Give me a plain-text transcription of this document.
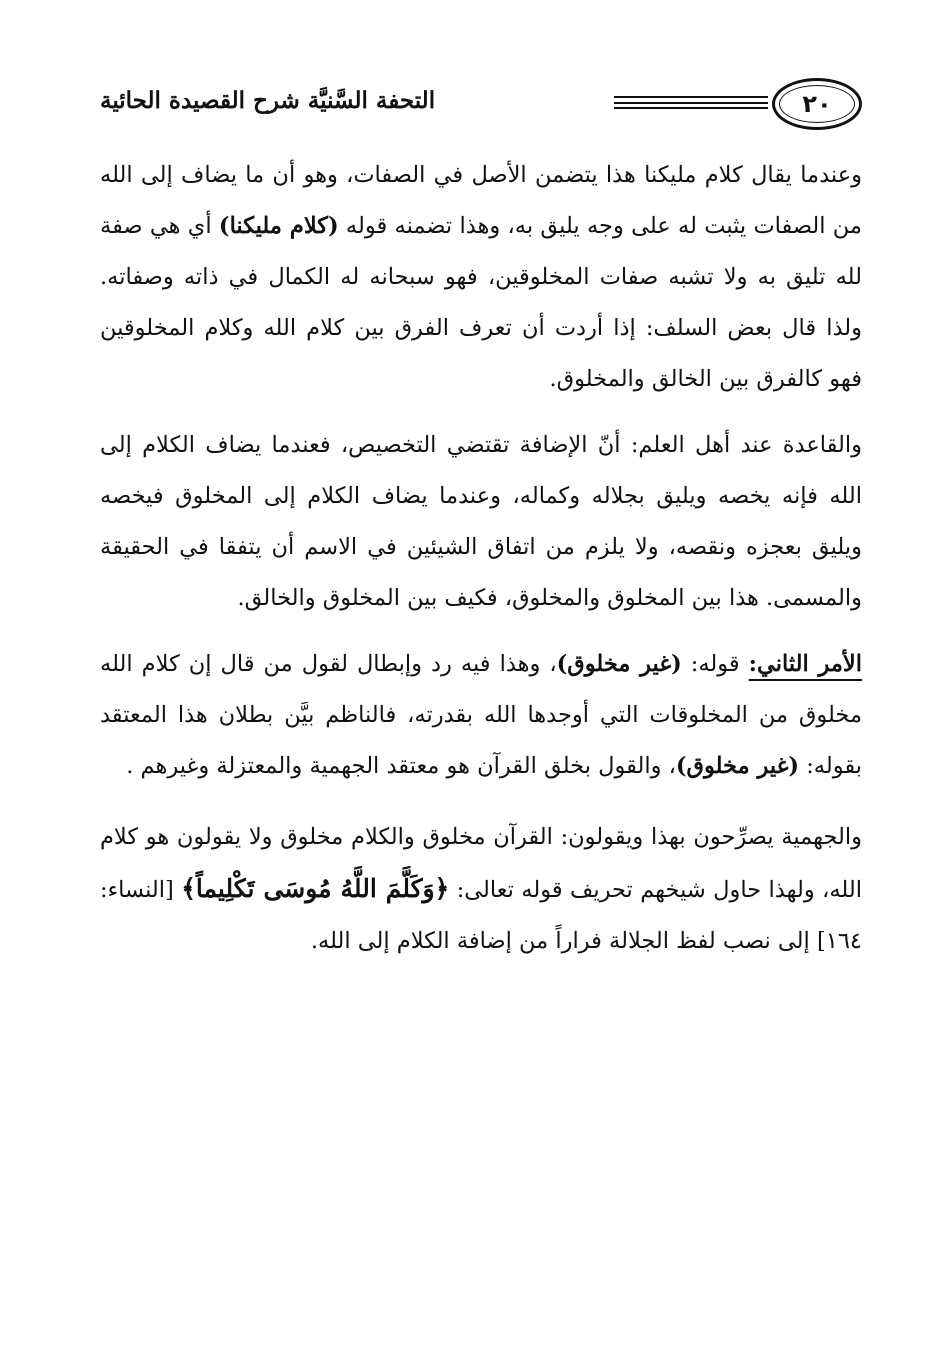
٢٠
التحفة السَّنيَّة شرح القصيدة الحائية

وعندما يقال كلام مليكنا هذا يتضمن الأصل في الصفات، وهو أن ما يضاف إلى الله من الصفات يثبت له على وجه يليق به، وهذا تضمنه قوله (كلام مليكنا) أي هي صفة لله تليق به ولا تشبه صفات المخلوقين، فهو سبحانه له الكمال في ذاته وصفاته. ولذا قال بعض السلف: إذا أردت أن تعرف الفرق بين كلام الله وكلام المخلوقين فهو كالفرق بين الخالق والمخلوق.

والقاعدة عند أهل العلم: أنّ الإضافة تقتضي التخصيص، فعندما يضاف الكلام إلى الله فإنه يخصه ويليق بجلاله وكماله، وعندما يضاف الكلام إلى المخلوق فيخصه ويليق بعجزه ونقصه، ولا يلزم من اتفاق الشيئين في الاسم أن يتفقا في الحقيقة والمسمى. هذا بين المخلوق والمخلوق، فكيف بين المخلوق والخالق.

الأمر الثاني: قوله: (غير مخلوق)، وهذا فيه رد وإبطال لقول من قال إن كلام الله مخلوق من المخلوقات التي أوجدها الله بقدرته، فالناظم بيَّن بطلان هذا المعتقد بقوله: (غير مخلوق)، والقول بخلق القرآن هو معتقد الجهمية والمعتزلة وغيرهم .

والجهمية يصرِّحون بهذا ويقولون: القرآن مخلوق والكلام مخلوق ولا يقولون هو كلام الله، ولهذا حاول شيخهم تحريف قوله تعالى: ﴿وَكَلَّمَ اللَّهُ مُوسَى تَكْلِيماً﴾ [النساء: ١٦٤] إلى نصب لفظ الجلالة فراراً من إضافة الكلام إلى الله.
